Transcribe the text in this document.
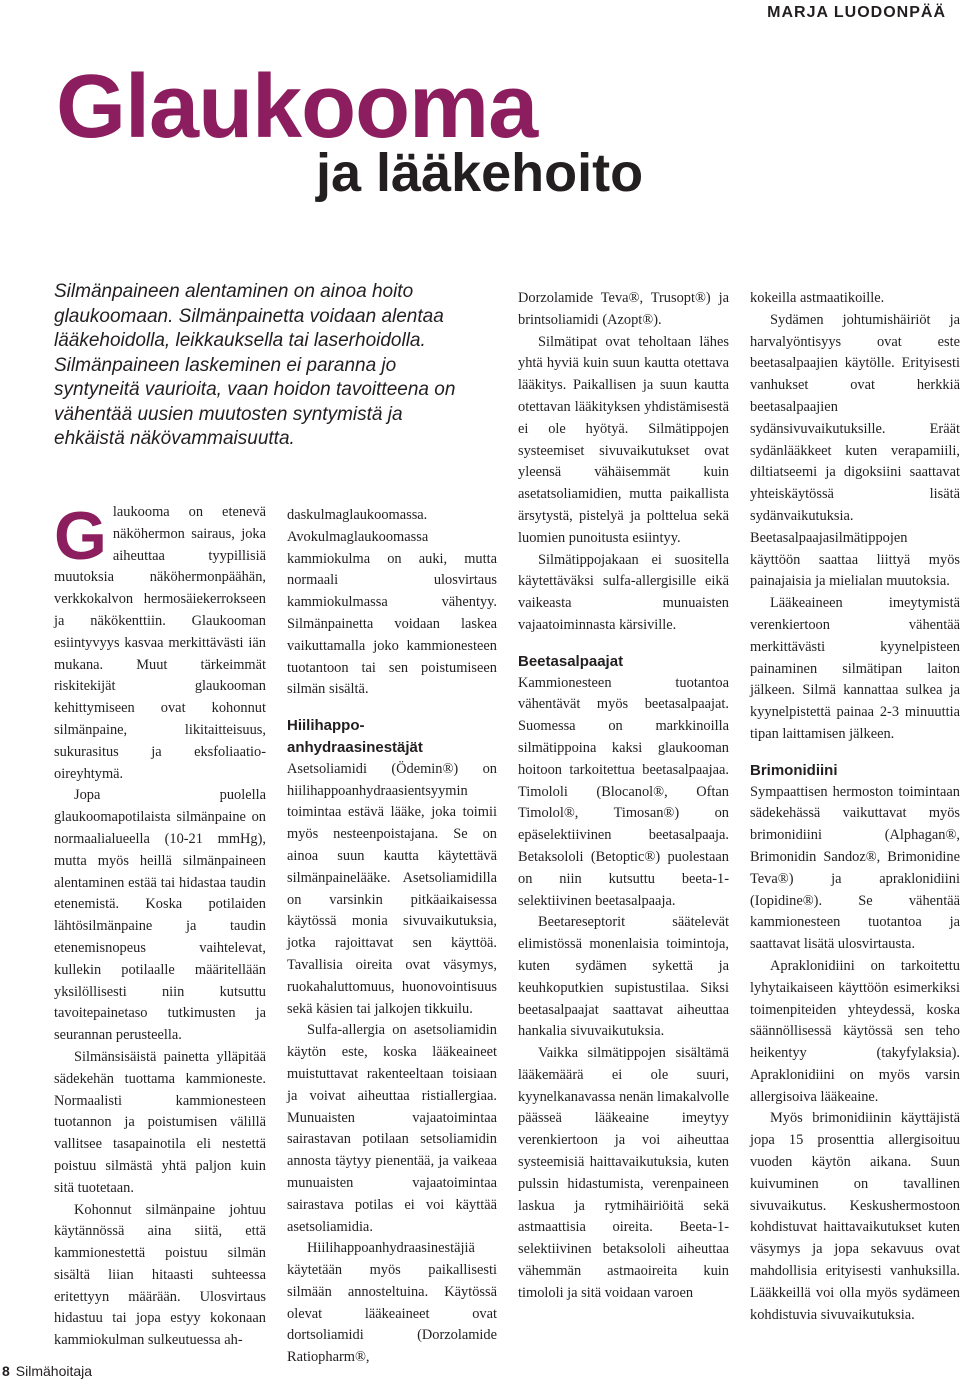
MARJA LUODONPÄÄ
Glaukooma
ja lääkehoito

Silmänpaineen alentaminen on ainoa hoito glaukoomaan. Silmänpainetta voidaan alentaa lääkehoidolla, leikkauksella tai laserhoidolla. Silmänpaineen laskeminen ei paranna jo syntyneitä vaurioita, vaan hoidon tavoitteena on vähentää uusien muutosten syntymistä ja ehkäistä näkövammaisuutta.

Glaukooma on etenevä näköhermon sairaus, joka aiheuttaa tyypillisiä muutoksia näköhermonpäähän, verkkokalvon hermosäiekerrokseen ja näkökenttiin. Glaukooman esiintyvyys kasvaa merkittävästi iän mukana. Muut tärkeimmät riskitekijät glaukooman kehittymiseen ovat kohonnut silmänpaine, likitaitteisuus, sukurasitus ja eksfoliaatio-oireyhtymä.

Jopa puolella glaukoomapotilaista silmänpaine on normaalialueella (10-21 mmHg), mutta myös heillä silmänpaineen alentaminen estää tai hidastaa taudin etenemistä. Koska potilaiden lähtösilmänpaine ja taudin etenemisnopeus vaihtelevat, kullekin potilaalle määritellään yksilöllisesti niin kutsuttu tavoitepainetaso tutkimusten ja seurannan perusteella.

Silmänsisäistä painetta ylläpitää sädekehän tuottama kammioneste. Normaalisti kammionesteen tuotannon ja poistumisen välillä vallitsee tasapainotila eli nestettä poistuu silmästä yhtä paljon kuin sitä tuotetaan.

Kohonnut silmänpaine johtuu käytännössä aina siitä, että kammionestettä poistuu silmän sisältä liian hitaasti suhteessa eritettyyn määrään. Ulosvirtaus hidastuu tai jopa estyy kokonaan kammiokulman sulkeutuessa ah-

daskulmaglaukoomassa. Avokulmaglaukoomassa kammiokulma on auki, mutta normaali ulosvirtaus kammiokulmassa vähentyy. Silmänpainetta voidaan laskea vaikuttamalla joko kammionesteen tuotantoon tai sen poistumiseen silmän sisältä.

Hiilihappo-anhydraasinestäjät

Asetsoliamidi (Ödemin®) on hiilihappoanhydraasientsyymin toimintaa estävä lääke, joka toimii myös nesteenpoistajana. Se on ainoa suun kautta käytettävä silmänpainelääke. Asetsoliamidilla on varsinkin pitkäaikaisessa käytössä monia sivuvaikutuksia, jotka rajoittavat sen käyttöä. Tavallisia oireita ovat väsymys, ruokahaluttomuus, huonovointisuus sekä käsien tai jalkojen tikkuilu.

Sulfa-allergia on asetsoliamidin käytön este, koska lääkeaineet muistuttavat rakenteeltaan toisiaan ja voivat aiheuttaa ristiallergiaa. Munuaisten vajaatoimintaa sairastavan potilaan setsoliamidin annosta täytyy pienentää, ja vaikeaa munuaisten vajaatoimintaa sairastava potilas ei voi käyttää asetsoliamidia.

Hiilihappoanhydraasinestäjiä käytetään myös paikallisesti silmään annosteltuina. Käytössä olevat lääkeaineet ovat dortsoliamidi (Dorzolamide Ratiopharm®,

Dorzolamide Teva®, Trusopt®) ja brintsoliamidi (Azopt®).

Silmätipat ovat teholtaan lähes yhtä hyviä kuin suun kautta otettava lääkitys. Paikallisen ja suun kautta otettavan lääkityksen yhdistämisestä ei ole hyötyä. Silmätippojen systeemiset sivuvaikutukset ovat yleensä vähäisemmät kuin asetatsoliamidien, mutta paikallista ärsytystä, pistelyä ja polttelua sekä luomien punoitusta esiintyy.

Silmätippojakaan ei suositella käytettäväksi sulfa-allergisille eikä vaikeasta munuaisten vajaatoiminnasta kärsiville.

Beetasalpaajat

Kammionesteen tuotantoa vähentävät myös beetasalpaajat. Suomessa on markkinoilla silmätippoina kaksi glaukooman hoitoon tarkoitettua beetasalpaajaa. Timololi (Blocanol®, Oftan Timolol®, Timosan®) on epäselektiivinen beetasalpaaja. Betaksololi (Betoptic®) puolestaan on niin kutsuttu beeta-1-selektiivinen beetasalpaaja.

Beetareseptorit säätelevät elimistössä monenlaisia toimintoja, kuten sydämen sykettä ja keuhkoputkien supistustilaa. Siksi beetasalpaajat saattavat aiheuttaa hankalia sivuvaikutuksia.

Vaikka silmätippojen sisältämä lääkemäärä ei ole suuri, kyynelkanavassa nenän limakalvolle päässeä lääkeaine imeytyy verenkiertoon ja voi aiheuttaa systeemisiä haittavaikutuksia, kuten pulssin hidastumista, verenpaineen laskua ja rytmihäiriöitä sekä astmaattisia oireita. Beeta-1-selektiivinen betaksololi aiheuttaa vähemmän astmaoireita kuin timololi ja sitä voidaan varoen

kokeilla astmaatikoille.

Sydämen johtumishäiriöt ja harvalyöntisyys ovat este beetasalpaajien käytölle. Erityisesti vanhukset ovat herkkiä beetasalpaajien sydänsivuvaikutuksille. Eräät sydänlääkkeet kuten verapamiili, diltiatseemi ja digoksiini saattavat yhteiskäytössä lisätä sydänvaikutuksia. Beetasalpaajasilmätippojen käyttöön saattaa liittyä myös painajaisia ja mielialan muutoksia.

Lääkeaineen imeytymistä verenkiertoon vähentää merkittävästi kyynelpisteen painaminen silmätipan laiton jälkeen. Silmä kannattaa sulkea ja kyynelpistettä painaa 2-3 minuuttia tipan laittamisen jälkeen.

Brimonidiini

Sympaattisen hermoston toimintaan sädekehässä vaikuttavat myös brimonidiini (Alphagan®, Brimonidin Sandoz®, Brimonidine Teva®) ja apraklonidiini (Iopidine®). Se vähentää kammionesteen tuotantoa ja saattavat lisätä ulosvirtausta.

Apraklonidiini on tarkoitettu lyhytaikaiseen käyttöön esimerkiksi toimenpiteiden yhteydessä, koska säännöllisessä käytössä sen teho heikentyy (takyfylaksia). Apraklonidiini on myös varsin allergisoiva lääkeaine.

Myös brimonidiinin käyttäjistä jopa 15 prosenttia allergisoituu vuoden käytön aikana. Suun kuivuminen on tavallinen sivuvaikutus. Keskushermostoon kohdistuvat haittavaikutukset kuten väsymys ja jopa sekavuus ovat mahdollisia erityisesti vanhuksilla. Lääkkeillä voi olla myös sydämeen kohdistuvia sivuvaikutuksia.

8 Silmähoitaja
